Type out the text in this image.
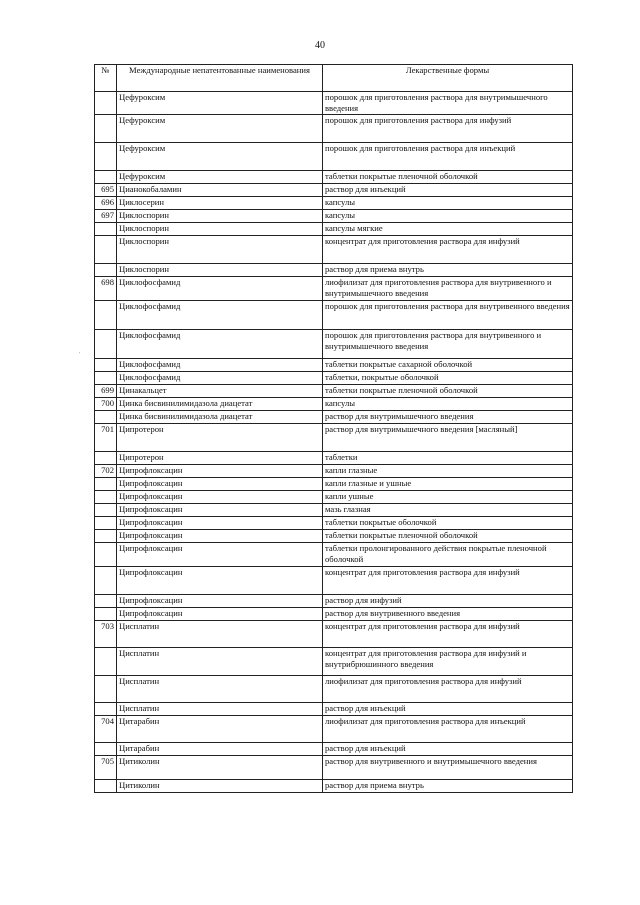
40
'
№	Международные непатентованные наименования	Лекарственные формы
	Цефуроксим	порошок для приготовления раствора для внутримышечного введения
	Цефуроксим	порошок для приготовления раствора для инфузий
	Цефуроксим	порошок для приготовления раствора для инъекций
	Цефуроксим	таблетки покрытые пленочной оболочкой
695	Цианокобаламин	раствор для инъекций
696	Циклосерин	капсулы
697	Циклоспорин	капсулы
	Циклоспорин	капсулы мягкие
	Циклоспорин	концентрат для приготовления раствора для инфузий
	Циклоспорин	раствор для приема внутрь
698	Циклофосфамид	лиофилизат для приготовления раствора для внутривенного и внутримышечного введения
	Циклофосфамид	порошок для приготовления раствора для внутривенного введения
	Циклофосфамид	порошок для приготовления раствора для внутривенного и внутримышечного введения
	Циклофосфамид	таблетки покрытые сахарной оболочкой
	Циклофосфамид	таблетки, покрытые оболочкой
699	Цинакальцет	таблетки покрытые пленочной оболочкой
700	Цинка бисвинилимидазола диацетат	капсулы
	Цинка бисвинилимидазола диацетат	раствор для внутримышечного введения
701	Ципротерон	раствор для внутримышечного введения [масляный]
	Ципротерон	таблетки
702	Ципрофлоксацин	капли глазные
	Ципрофлоксацин	капли глазные и ушные
	Ципрофлоксацин	капли ушные
	Ципрофлоксацин	мазь глазная
	Ципрофлоксацин	таблетки покрытые оболочкой
	Ципрофлоксацин	таблетки покрытые пленочной оболочкой
	Ципрофлоксацин	таблетки пролонгированного действия покрытые пленочной оболочкой
	Ципрофлоксацин	концентрат для приготовления раствора для инфузий
	Ципрофлоксацин	раствор для инфузий
	Ципрофлоксацин	раствор для внутривенного введения
703	Цисплатин	концентрат для приготовления раствора для инфузий
	Цисплатин	концентрат для приготовления раствора для инфузий и внутрибрюшинного введения
	Цисплатин	лиофилизат для приготовления раствора для инфузий
	Цисплатин	раствор для инъекций
704	Цитарабин	лиофилизат для приготовления раствора для инъекций
	Цитарабин	раствор для инъекций
705	Цитиколин	раствор для внутривенного и внутримышечного введения
	Цитиколин	раствор для приема внутрь
